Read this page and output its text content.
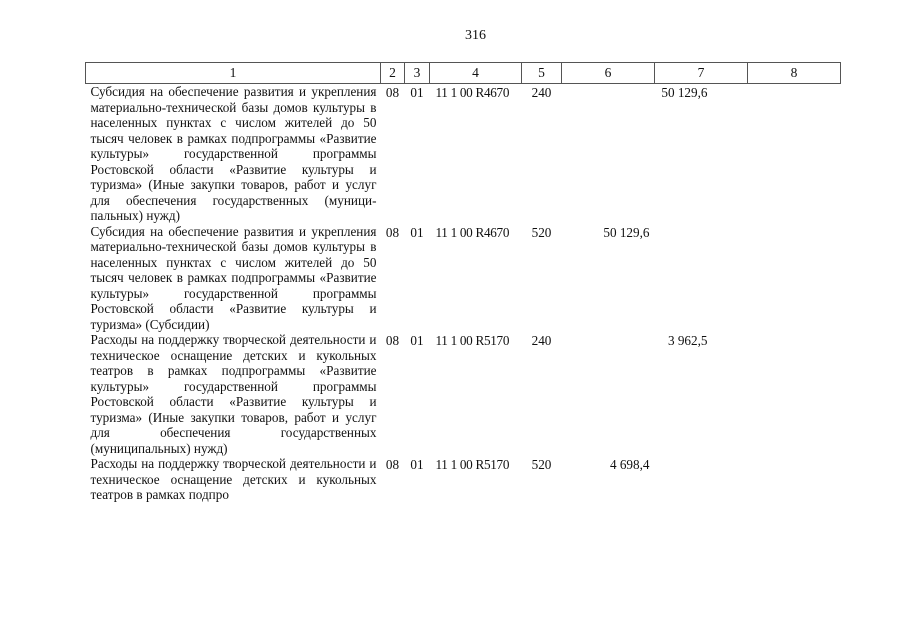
316
1	2	3	4	5	6	7	8
Субсидия на обеспечение развития и укрепления материально-технической базы домов культуры в населенных пунктах с числом жителей до 50 тысяч человек в рамках подпрограммы «Развитие культуры» государственной программы Ростовской области «Развитие культуры и туризма» (Иные закупки товаров, работ и услуг для обеспечения государственных (муниципальных) нужд)	08	01	11 1 00 R4670	240		50 129,6	
Субсидия на обеспечение развития и укрепления материально-технической базы домов культуры в населенных пунктах с числом жителей до 50 тысяч человек в рамках подпрограммы «Развитие культуры» государственной программы Ростовской области «Развитие культуры и туризма» (Субсидии)	08	01	11 1 00 R4670	520	50 129,6		
Расходы на поддержку творческой деятельности и техническое оснащение детских и кукольных театров в рамках подпрограммы «Развитие культуры» государственной программы Ростовской области «Развитие культуры и туризма» (Иные закупки товаров, работ и услуг для обеспечения государственных (муниципальных) нужд)	08	01	11 1 00 R5170	240		3 962,5	
Расходы на поддержку творческой деятельности и техническое оснащение детских и кукольных театров в рамках подпро	08	01	11 1 00 R5170	520	4 698,4		
